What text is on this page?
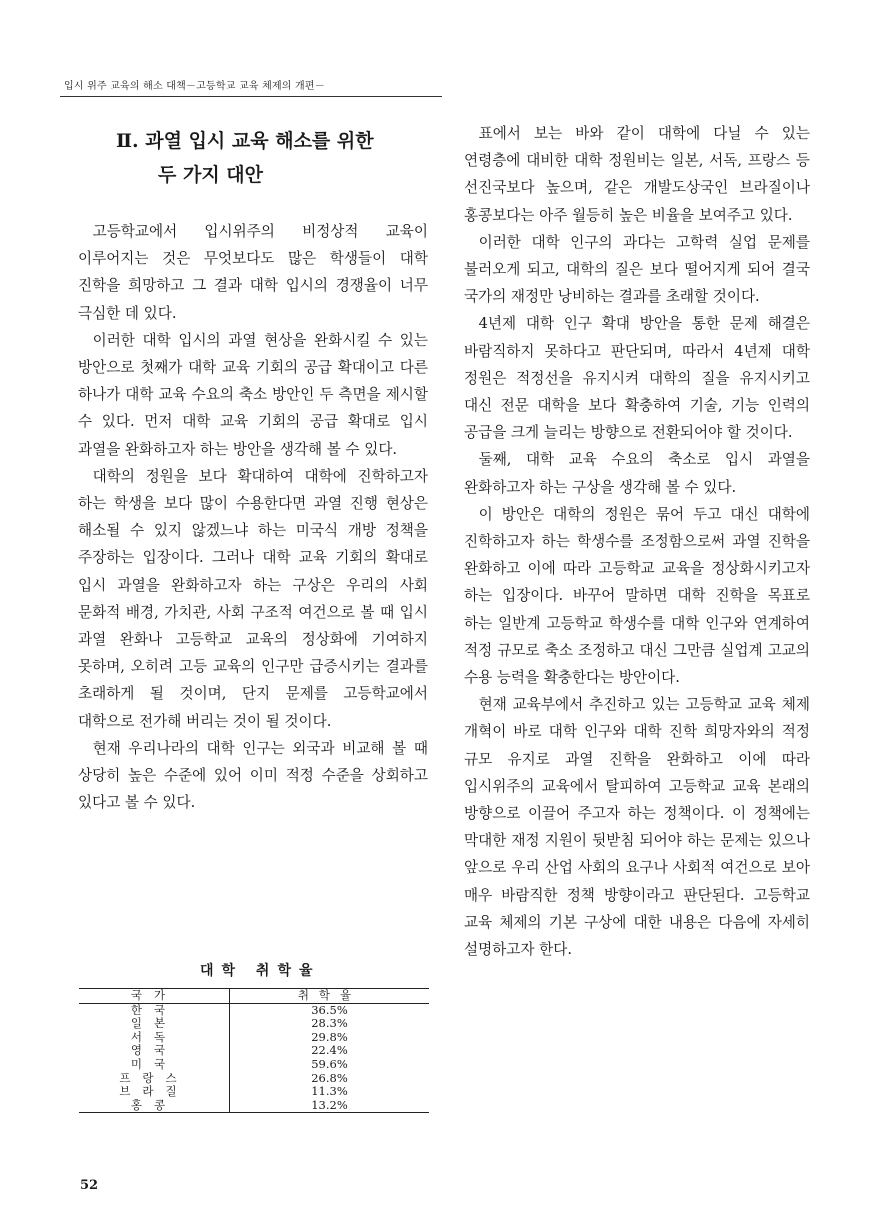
입시 위주 교육의 해소 대책－고등학교 교육 체제의 개편－
Ⅱ. 과열 입시 교육 해소를 위한
두 가지 대안

고등학교에서 입시위주의 비정상적 교육이 이루어지는 것은 무엇보다도 많은 학생들이 대학 진학을 희망하고 그 결과 대학 입시의 경쟁율이 너무 극심한 데 있다.

이러한 대학 입시의 과열 현상을 완화시킬 수 있는 방안으로 첫째가 대학 교육 기회의 공급 확대이고 다른 하나가 대학 교육 수요의 축소 방안인 두 측면을 제시할 수 있다. 먼저 대학 교육 기회의 공급 확대로 입시 과열을 완화하고자 하는 방안을 생각해 볼 수 있다.

대학의 정원을 보다 확대하여 대학에 진학하고자 하는 학생을 보다 많이 수용한다면 과열 진행 현상은 해소될 수 있지 않겠느냐 하는 미국식 개방 정책을 주장하는 입장이다. 그러나 대학 교육 기회의 확대로 입시 과열을 완화하고자 하는 구상은 우리의 사회 문화적 배경, 가치관, 사회 구조적 여건으로 볼 때 입시 과열 완화나 고등학교 교육의 정상화에 기여하지 못하며, 오히려 고등 교육의 인구만 급증시키는 결과를 초래하게 될 것이며, 단지 문제를 고등학교에서 대학으로 전가해 버리는 것이 될 것이다.

현재 우리나라의 대학 인구는 외국과 비교해 볼 때 상당히 높은 수준에 있어 이미 적정 수준을 상회하고 있다고 볼 수 있다.

대학 취학율
국가	취학율
한국	36.5%
일본	28.3%
서독	29.8%
영국	22.4%
미국	59.6%
프랑스	26.8%
브라질	11.3%
홍콩	13.2%

표에서 보는 바와 같이 대학에 다닐 수 있는 연령층에 대비한 대학 정원비는 일본, 서독, 프랑스 등 선진국보다 높으며, 같은 개발도상국인 브라질이나 홍콩보다는 아주 월등히 높은 비율을 보여주고 있다.

이러한 대학 인구의 과다는 고학력 실업 문제를 불러오게 되고, 대학의 질은 보다 떨어지게 되어 결국 국가의 재정만 낭비하는 결과를 초래할 것이다.

4년제 대학 인구 확대 방안을 통한 문제 해결은 바람직하지 못하다고 판단되며, 따라서 4년제 대학 정원은 적정선을 유지시켜 대학의 질을 유지시키고 대신 전문 대학을 보다 확충하여 기술, 기능 인력의 공급을 크게 늘리는 방향으로 전환되어야 할 것이다.

둘째, 대학 교육 수요의 축소로 입시 과열을 완화하고자 하는 구상을 생각해 볼 수 있다.

이 방안은 대학의 정원은 묶어 두고 대신 대학에 진학하고자 하는 학생수를 조정함으로써 과열 진학을 완화하고 이에 따라 고등학교 교육을 정상화시키고자 하는 입장이다. 바꾸어 말하면 대학 진학을 목표로 하는 일반계 고등학교 학생수를 대학 인구와 연계하여 적정 규모로 축소 조정하고 대신 그만큼 실업계 고교의 수용 능력을 확충한다는 방안이다.

현재 교육부에서 추진하고 있는 고등학교 교육 체제 개혁이 바로 대학 인구와 대학 진학 희망자와의 적정 규모 유지로 과열 진학을 완화하고 이에 따라 입시위주의 교육에서 탈피하여 고등학교 교육 본래의 방향으로 이끌어 주고자 하는 정책이다. 이 정책에는 막대한 재정 지원이 뒷받침 되어야 하는 문제는 있으나 앞으로 우리 산업 사회의 요구나 사회적 여건으로 보아 매우 바람직한 정책 방향이라고 판단된다. 고등학교 교육 체제의 기본 구상에 대한 내용은 다음에 자세히 설명하고자 한다.

52
